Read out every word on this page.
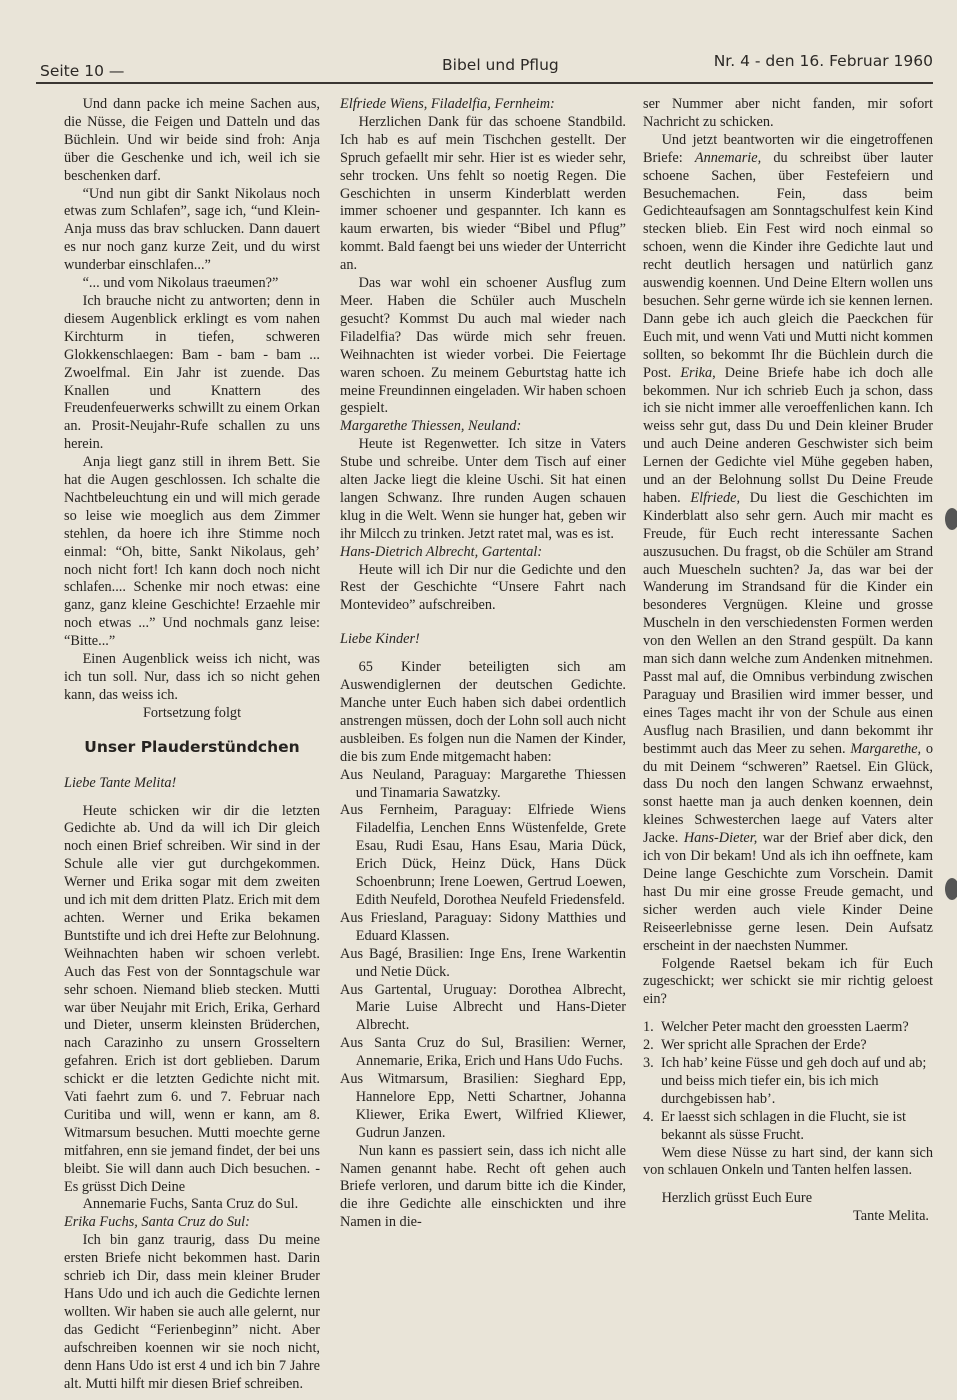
Seite 10 —	Bibel und Pflug	Nr. 4 - den 16. Februar 1960

Und dann packe ich meine Sachen aus, die Nüsse, die Feigen und Datteln und das Büchlein. Und wir beide sind froh: Anja über die Geschenke und ich, weil ich sie beschenken darf.

“Und nun gibt dir Sankt Nikolaus noch etwas zum Schlafen”, sage ich, “und Klein-Anja muss das brav schlucken. Dann dauert es nur noch ganz kurze Zeit, und du wirst wunderbar einschlafen...”

“... und vom Nikolaus traeumen?”

Ich brauche nicht zu antworten; denn in diesem Augenblick erklingt es vom nahen Kirchturm in tiefen, schweren Glokkenschlaegen: Bam - bam - bam ... Zwoelfmal. Ein Jahr ist zuende. Das Knallen und Knattern des Freudenfeuerwerks schwillt zu einem Orkan an. Prosit-Neujahr-Rufe schallen zu uns herein.

Anja liegt ganz still in ihrem Bett. Sie hat die Augen geschlossen. Ich schalte die Nachtbeleuchtung ein und will mich gerade so leise wie moeglich aus dem Zimmer stehlen, da hoere ich ihre Stimme noch einmal: “Oh, bitte, Sankt Nikolaus, geh’ noch nicht fort! Ich kann doch noch nicht schlafen.... Schenke mir noch etwas: eine ganz, ganz kleine Geschichte! Erzaehle mir noch etwas ...” Und nochmals ganz leise: “Bitte...”

Einen Augenblick weiss ich nicht, was ich tun soll. Nur, dass ich so nicht gehen kann, das weiss ich.

Fortsetzung folgt

Unser Plauderstündchen

Liebe Tante Melita!

Heute schicken wir dir die letzten Gedichte ab. Und da will ich Dir gleich noch einen Brief schreiben. Wir sind in der Schule alle vier gut durchgekommen. Werner und Erika sogar mit dem zweiten und ich mit dem dritten Platz. Erich mit dem achten. Werner und Erika bekamen Buntstifte und ich drei Hefte zur Belohnung. Weihnachten haben wir schoen verlebt. Auch das Fest von der Sonntagschule war sehr schoen. Niemand blieb stecken. Mutti war über Neujahr mit Erich, Erika, Gerhard und Dieter, unserm kleinsten Brüderchen, nach Carazinho zu unsern Grosseltern gefahren. Erich ist dort geblieben. Darum schickt er die letzten Gedichte nicht mit. Vati faehrt zum 6. und 7. Februar nach Curitiba und will, wenn er kann, am 8. Witmarsum besuchen. Mutti moechte gerne mitfahren, enn sie jemand findet, der bei uns bleibt. Sie will dann auch Dich besuchen. - Es grüsst Dich Deine

Annemarie Fuchs, Santa Cruz do Sul.

Erika Fuchs, Santa Cruz do Sul:

Ich bin ganz traurig, dass Du meine ersten Briefe nicht bekommen hast. Darin schrieb ich Dir, dass mein kleiner Bruder Hans Udo und ich auch die Gedichte lernen wollten. Wir haben sie auch alle gelernt, nur das Gedicht “Ferienbeginn” nicht. Aber aufschreiben koennen wir sie noch nicht, denn Hans Udo ist erst 4 und ich bin 7 Jahre alt. Mutti hilft mir diesen Brief schreiben.

Elfriede Wiens, Filadelfia, Fernheim:

Herzlichen Dank für das schoene Standbild. Ich hab es auf mein Tischchen gestellt. Der Spruch gefaellt mir sehr. Hier ist es wieder sehr, sehr trocken. Uns fehlt so noetig Regen. Die Geschichten in unserm Kinderblatt werden immer schoener und gespannter. Ich kann es kaum erwarten, bis wieder “Bibel und Pflug” kommt. Bald faengt bei uns wieder der Unterricht an.

Das war wohl ein schoener Ausflug zum Meer. Haben die Schüler auch Muscheln gesucht? Kommst Du auch mal wieder nach Filadelfia? Das würde mich sehr freuen. Weihnachten ist wieder vorbei. Die Feiertage waren schoen. Zu meinem Geburtstag hatte ich meine Freundinnen eingeladen. Wir haben schoen gespielt.

Margarethe Thiessen, Neuland:

Heute ist Regenwetter. Ich sitze in Vaters Stube und schreibe. Unter dem Tisch auf einer alten Jacke liegt die kleine Uschi. Sit hat einen langen Schwanz. Ihre runden Augen schauen klug in die Welt. Wenn sie hunger hat, geben wir ihr Milcch zu trinken. Jetzt ratet mal, was es ist.

Hans-Dietrich Albrecht, Gartental:

Heute will ich Dir nur die Gedichte und den Rest der Geschichte “Unsere Fahrt nach Montevideo” aufschreiben.

Liebe Kinder!

65 Kinder beteiligten sich am Auswendiglernen der deutschen Gedichte. Manche unter Euch haben sich dabei ordentlich anstrengen müssen, doch der Lohn soll auch nicht ausbleiben. Es folgen nun die Namen der Kinder, die bis zum Ende mitgemacht haben:

Aus Neuland, Paraguay: Margarethe Thiessen und Tinamaria Sawatzky.

Aus Fernheim, Paraguay: Elfriede Wiens Filadelfia, Lenchen Enns Wüstenfelde, Grete Esau, Rudi Esau, Hans Esau, Maria Dück, Erich Dück, Heinz Dück, Hans Dück Schoenbrunn; Irene Loewen, Gertrud Loewen, Edith Neufeld, Dorothea Neufeld Friedensfeld.

Aus Friesland, Paraguay: Sidony Matthies und Eduard Klassen.

Aus Bagé, Brasilien: Inge Ens, Irene Warkentin und Netie Dück.

Aus Gartental, Uruguay: Dorothea Albrecht, Marie Luise Albrecht und Hans-Dieter Albrecht.

Aus Santa Cruz do Sul, Brasilien: Werner, Annemarie, Erika, Erich und Hans Udo Fuchs.

Aus Witmarsum, Brasilien: Sieghard Epp, Hannelore Epp, Netti Schartner, Johanna Kliewer, Erika Ewert, Wilfried Kliewer, Gudrun Janzen.

Nun kann es passiert sein, dass ich nicht alle Namen genannt habe. Recht oft gehen auch Briefe verloren, und darum bitte ich die Kinder, die ihre Gedichte alle einschickten und ihre Namen in die-

ser Nummer aber nicht fanden, mir sofort Nachricht zu schicken.

Und jetzt beantworten wir die eingetroffenen Briefe: Annemarie, du schreibst über lauter schoene Sachen, über Festefeiern und Besuchemachen. Fein, dass beim Gedichteaufsagen am Sonntagschulfest kein Kind stecken blieb. Ein Fest wird noch einmal so schoen, wenn die Kinder ihre Gedichte laut und recht deutlich hersagen und natürlich ganz auswendig koennen. Und Deine Eltern wollen uns besuchen. Sehr gerne würde ich sie kennen lernen. Dann gebe ich auch gleich die Paeckchen für Euch mit, und wenn Vati und Mutti nicht kommen sollten, so bekommt Ihr die Büchlein durch die Post. Erika, Deine Briefe habe ich doch alle bekommen. Nur ich schrieb Euch ja schon, dass ich sie nicht immer alle veroeffenlichen kann. Ich weiss sehr gut, dass Du und Dein kleiner Bruder und auch Deine anderen Geschwister sich beim Lernen der Gedichte viel Mühe gegeben haben, und an der Belohnung sollst Du Deine Freude haben. Elfriede, Du liest die Geschichten im Kinderblatt also sehr gern. Auch mir macht es Freude, für Euch recht interessante Sachen auszusuchen. Du fragst, ob die Schüler am Strand auch Muescheln suchten? Ja, das war bei der Wanderung im Strandsand für die Kinder ein besonderes Vergnügen. Kleine und grosse Muscheln in den verschiedensten Formen werden von den Wellen an den Strand gespült. Da kann man sich dann welche zum Andenken mitnehmen. Passt mal auf, die Omnibus verbindung zwischen Paraguay und Brasilien wird immer besser, und eines Tages macht ihr von der Schule aus einen Ausflug nach Brasilien, und dann bekommt ihr bestimmt auch das Meer zu sehen. Margarethe, o du mit Deinem “schweren” Raetsel. Ein Glück, dass Du noch den langen Schwanz erwaehnst, sonst haette man ja auch denken koennen, dein kleines Schwesterchen laege auf Vaters alter Jacke. Hans-Dieter, war der Brief aber dick, den ich von Dir bekam! Und als ich ihn oeffnete, kam Deine lange Geschichte zum Vorschein. Damit hast Du mir eine grosse Freude gemacht, und sicher werden auch viele Kinder Deine Reiseerlebnisse gerne lesen. Dein Aufsatz erscheint in der naechsten Nummer.

Folgende Raetsel bekam ich für Euch zugeschickt; wer schickt sie mir richtig geloest ein?

1. Welcher Peter macht den groessten Laerm?
2. Wer spricht alle Sprachen der Erde?
3. Ich hab’ keine Füsse und geh doch auf und ab; und beiss mich tiefer ein, bis ich mich durchgebissen hab’.
4. Er laesst sich schlagen in die Flucht, sie ist bekannt als süsse Frucht.

Wem diese Nüsse zu hart sind, der kann sich von schlauen Onkeln und Tanten helfen lassen.

Herzlich grüsst Euch Eure

Tante Melita.
